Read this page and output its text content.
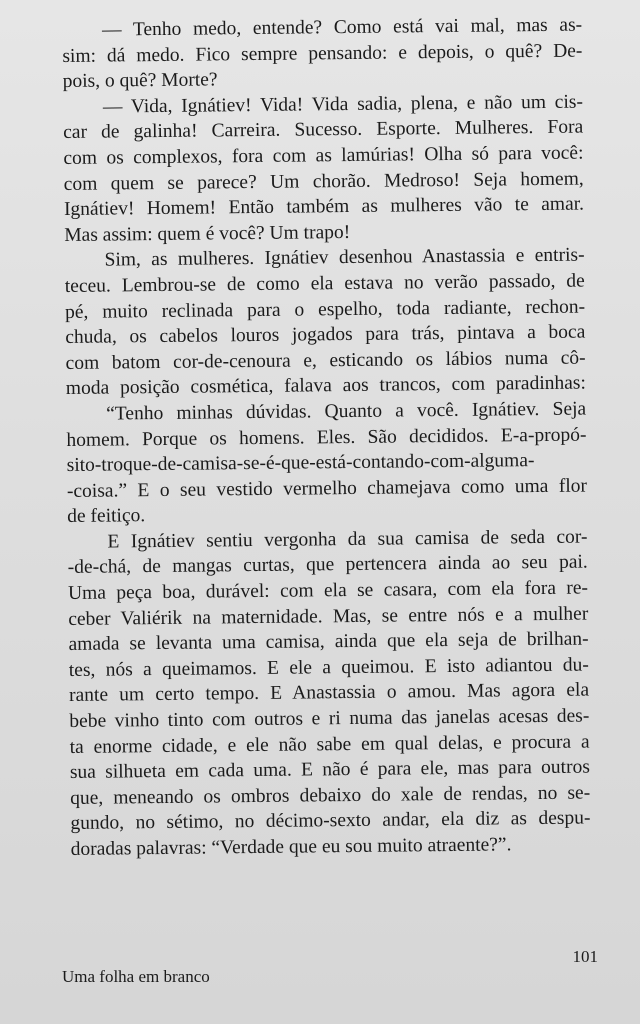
— Tenho medo, entende? Como está vai mal, mas as-
sim: dá medo. Fico sempre pensando: e depois, o quê? De-
pois, o quê? Morte?
— Vida, Ignátiev! Vida! Vida sadia, plena, e não um cis-
car de galinha! Carreira. Sucesso. Esporte. Mulheres. Fora
com os complexos, fora com as lamúrias! Olha só para você:
com quem se parece? Um chorão. Medroso! Seja homem,
Ignátiev! Homem! Então também as mulheres vão te amar.
Mas assim: quem é você? Um trapo!
Sim, as mulheres. Ignátiev desenhou Anastassia e entris-
teceu. Lembrou-se de como ela estava no verão passado, de
pé, muito reclinada para o espelho, toda radiante, rechon-
chuda, os cabelos louros jogados para trás, pintava a boca
com batom cor-de-cenoura e, esticando os lábios numa cô-
moda posição cosmética, falava aos trancos, com paradinhas:
“Tenho minhas dúvidas. Quanto a você. Ignátiev. Seja
homem. Porque os homens. Eles. São decididos. E-a-propó-
sito-troque-de-camisa-se-é-que-está-contando-com-alguma-
-coisa.” E o seu vestido vermelho chamejava como uma flor
de feitiço.
E Ignátiev sentiu vergonha da sua camisa de seda cor-
-de-chá, de mangas curtas, que pertencera ainda ao seu pai.
Uma peça boa, durável: com ela se casara, com ela fora re-
ceber Valiérik na maternidade. Mas, se entre nós e a mulher
amada se levanta uma camisa, ainda que ela seja de brilhan-
tes, nós a queimamos. E ele a queimou. E isto adiantou du-
rante um certo tempo. E Anastassia o amou. Mas agora ela
bebe vinho tinto com outros e ri numa das janelas acesas des-
ta enorme cidade, e ele não sabe em qual delas, e procura a
sua silhueta em cada uma. E não é para ele, mas para outros
que, meneando os ombros debaixo do xale de rendas, no se-
gundo, no sétimo, no décimo-sexto andar, ela diz as despu-
doradas palavras: “Verdade que eu sou muito atraente?”.
101
Uma folha em branco
